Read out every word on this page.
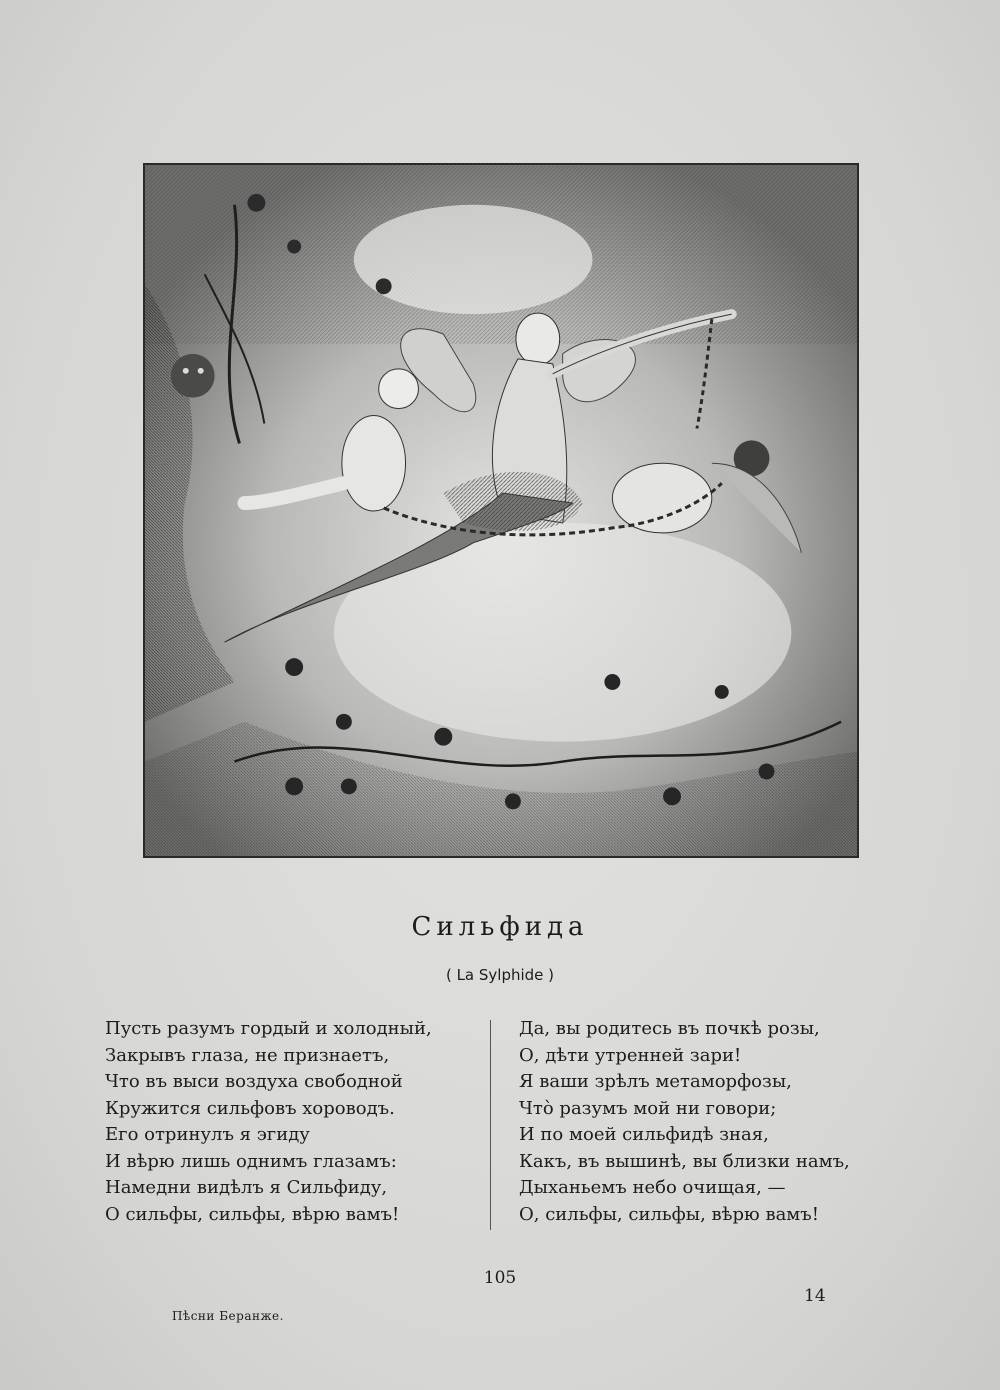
Сильфида
( La Sylphide )
Пусть разумъ гордый и холодный,
Закрывъ глаза, не признаетъ,
Что въ выси воздуха свободной
Кружится сильфовъ хороводъ.
Его отринулъ я эгиду
И вѣрю лишь однимъ глазамъ:
Намедни видѣлъ я Сильфиду,
О сильфы, сильфы, вѣрю вамъ!
Да, вы родитесь въ почкѣ розы,
О, дѣти утренней зари!
Я ваши зрѣлъ метаморфозы,
Что̀ разумъ мой ни говори;
И по моей сильфидѣ зная,
Какъ, въ вышинѣ, вы близки намъ,
Дыханьемъ небо очищая, —
О, сильфы, сильфы, вѣрю вамъ!
105
Пѣсни Беранже.
14
